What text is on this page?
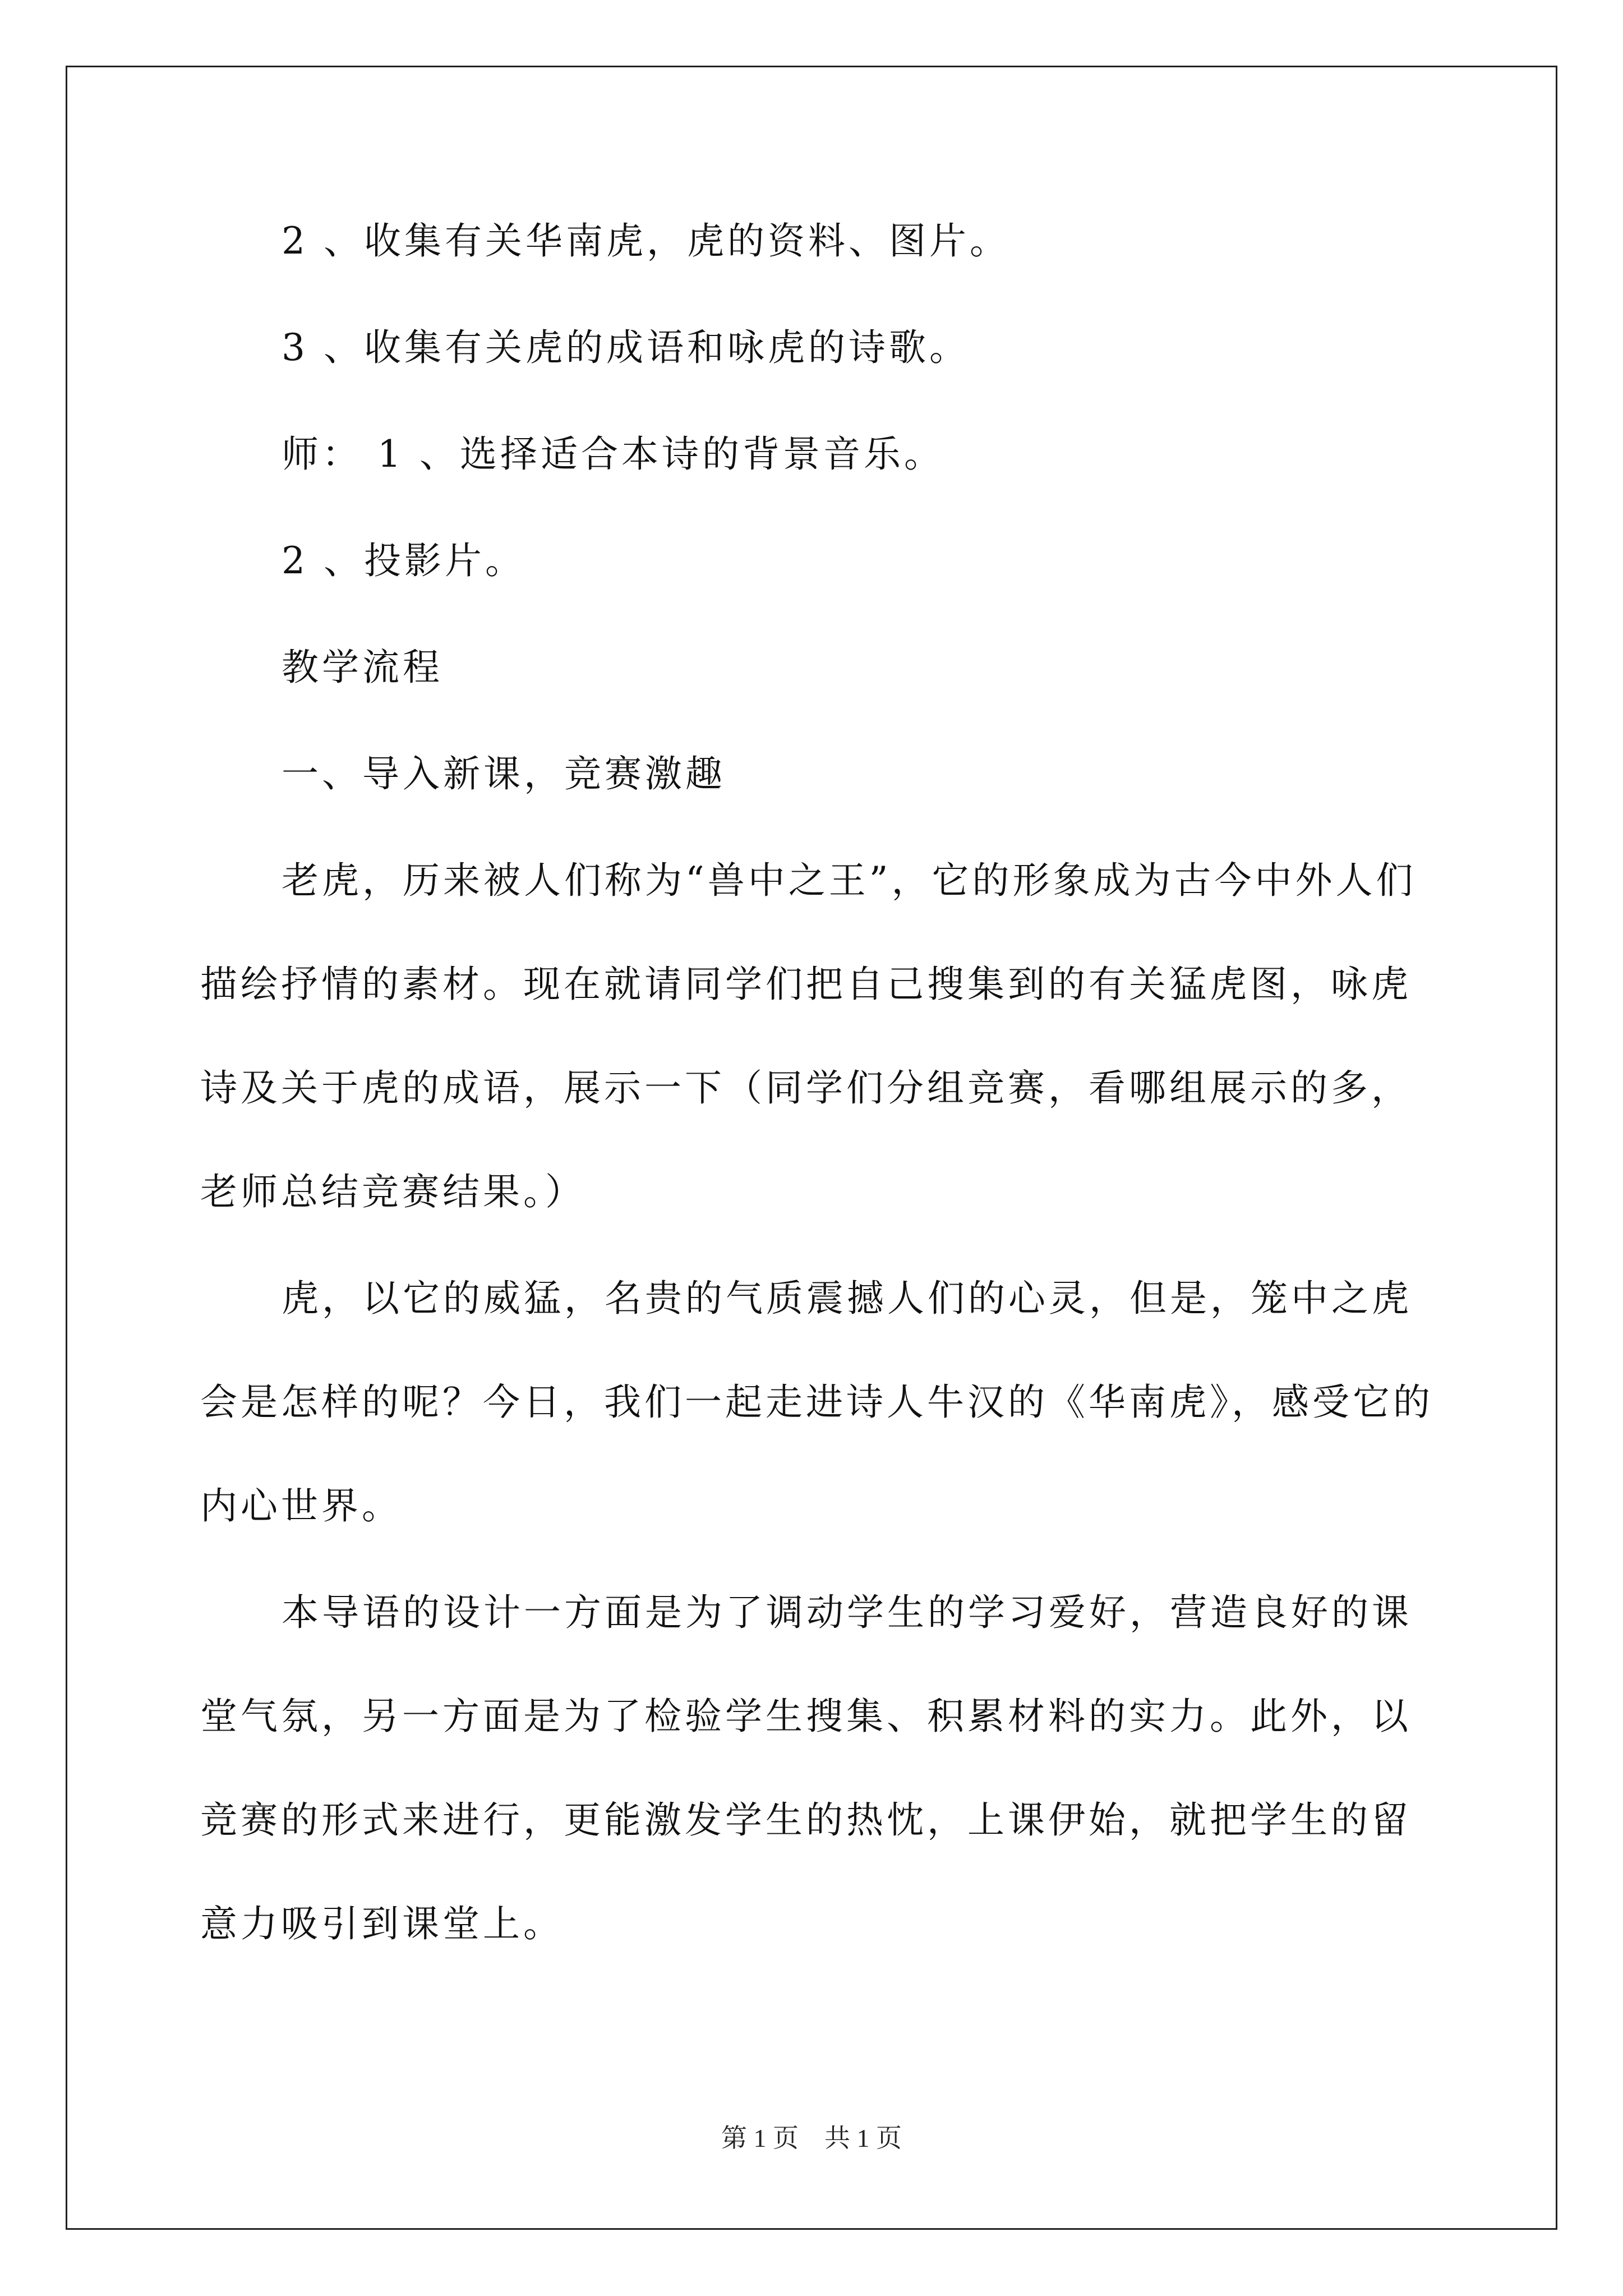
2 、收集有关华南虎，虎的资料、图片。
3 、收集有关虎的成语和咏虎的诗歌。
师： 1 、选择适合本诗的背景音乐。
2 、投影片。
教学流程
一、导入新课，竞赛激趣
老虎，历来被人们称为“兽中之王”，它的形象成为古今中外人们
描绘抒情的素材。现在就请同学们把自己搜集到的有关猛虎图，咏虎
诗及关于虎的成语，展示一下（同学们分组竞赛，看哪组展示的多，
老师总结竞赛结果。）
虎，以它的威猛，名贵的气质震撼人们的心灵，但是，笼中之虎
会是怎样的呢？今日，我们一起走进诗人牛汉的《华南虎》，感受它的
内心世界。
本导语的设计一方面是为了调动学生的学习爱好，营造良好的课
堂气氛，另一方面是为了检验学生搜集、积累材料的实力。此外，以
竞赛的形式来进行，更能激发学生的热忱，上课伊始，就把学生的留
意力吸引到课堂上。
第 1 页　共 1 页
